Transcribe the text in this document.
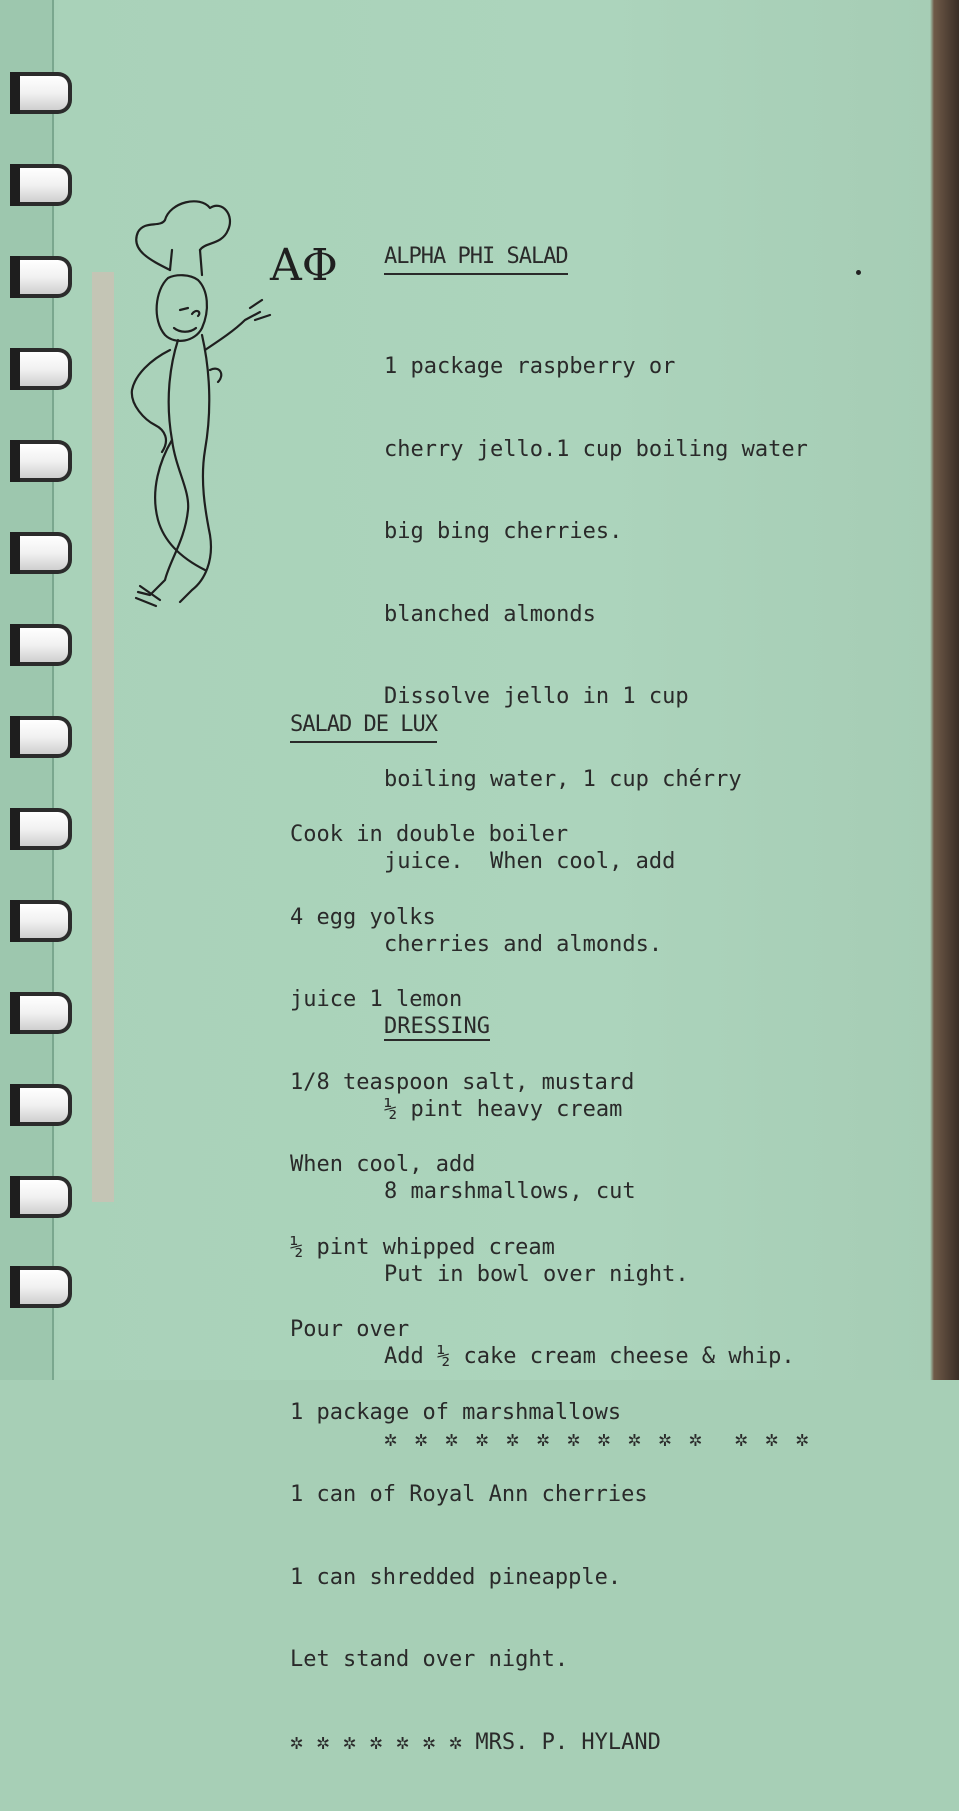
AΦ ALPHA PHI SALAD

1 package raspberry or

cherry jello.1 cup boiling water

big bing cherries.

blanched almonds

Dissolve jello in 1 cup

boiling water, 1 cup chérry

juice.  When cool, add

cherries and almonds.

DRESSING

½ pint heavy cream

8 marshmallows, cut

Put in bowl over night.

Add ½ cake cream cheese & whip.

✲ ✲ ✲ ✲ ✲ ✲ ✲ ✲ ✲ ✲ ✲  ✲ ✲ ✲

SALAD DE LUX

Cook in double boiler

4 egg yolks

juice 1 lemon

1/8 teaspoon salt, mustard

When cool, add

½ pint whipped cream

Pour over

1 package of marshmallows

1 can of Royal Ann cherries

1 can shredded pineapple.

Let stand over night.

✲ ✲ ✲ ✲ ✲ ✲ ✲ MRS. P. HYLAND
